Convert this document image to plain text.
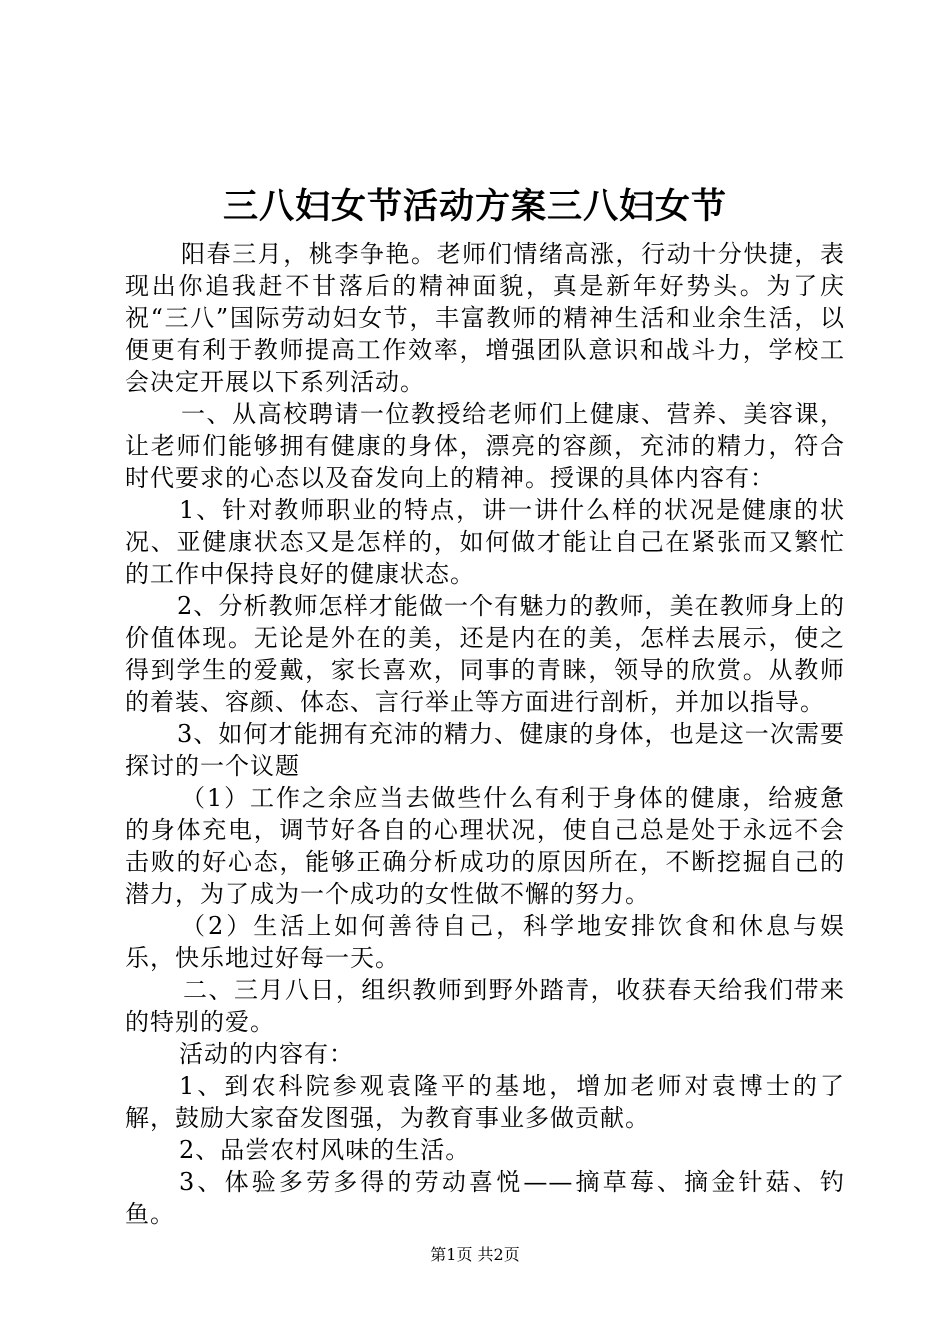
三八妇女节活动方案三八妇女节

阳春三月，桃李争艳。老师们情绪高涨，行动十分快捷，表现出你追我赶不甘落后的精神面貌，真是新年好势头。为了庆祝“三八”国际劳动妇女节，丰富教师的精神生活和业余生活，以便更有利于教师提高工作效率，增强团队意识和战斗力，学校工会决定开展以下系列活动。

一、从高校聘请一位教授给老师们上健康、营养、美容课，让老师们能够拥有健康的身体，漂亮的容颜，充沛的精力，符合时代要求的心态以及奋发向上的精神。授课的具体内容有：

1、针对教师职业的特点，讲一讲什么样的状况是健康的状况、亚健康状态又是怎样的，如何做才能让自己在紧张而又繁忙的工作中保持良好的健康状态。

2、分析教师怎样才能做一个有魅力的教师，美在教师身上的价值体现。无论是外在的美，还是内在的美，怎样去展示，使之得到学生的爱戴，家长喜欢，同事的青睐，领导的欣赏。从教师的着装、容颜、体态、言行举止等方面进行剖析，并加以指导。

3、如何才能拥有充沛的精力、健康的身体，也是这一次需要探讨的一个议题

（1）工作之余应当去做些什么有利于身体的健康，给疲惫的身体充电，调节好各自的心理状况，使自己总是处于永远不会击败的好心态，能够正确分析成功的原因所在，不断挖掘自己的潜力，为了成为一个成功的女性做不懈的努力。

（2）生活上如何善待自己，科学地安排饮食和休息与娱乐，快乐地过好每一天。

二、三月八日，组织教师到野外踏青，收获春天给我们带来的特别的爱。

活动的内容有：

1、到农科院参观袁隆平的基地，增加老师对袁博士的了解，鼓励大家奋发图强，为教育事业多做贡献。

2、品尝农村风味的生活。

3、体验多劳多得的劳动喜悦——摘草莓、摘金针菇、钓鱼。

第1页 共2页
